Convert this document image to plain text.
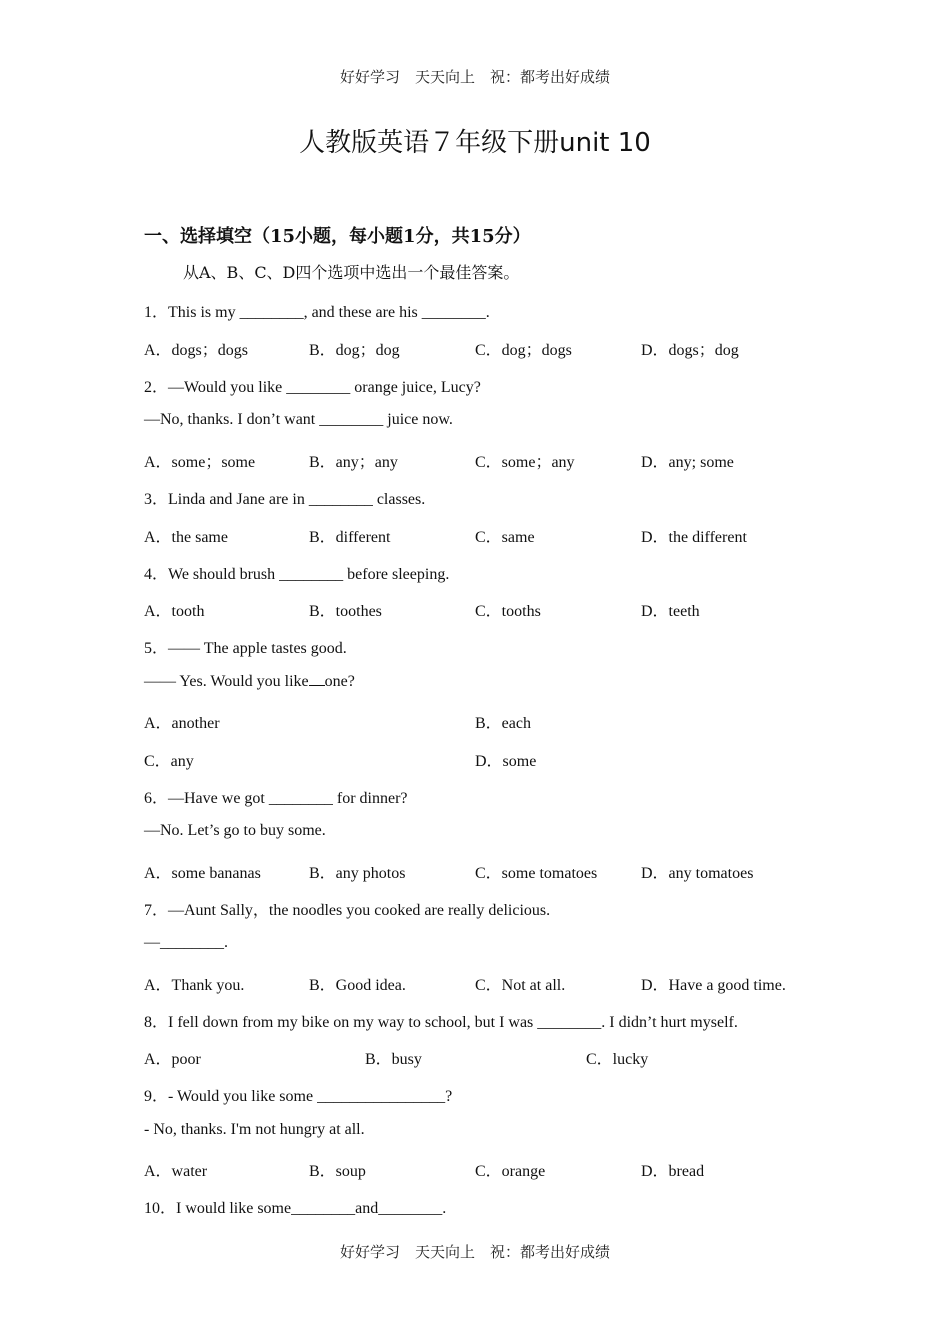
好好学习　天天向上　祝：都考出好成绩
人教版英语７年级下册unit 10
一、选择填空（15小题，每小题1分，共15分）
从A、B、C、D四个选项中选出一个最佳答案。
1．This is my ________, and these are his ________.
A．dogs；dogs	B．dog；dog	C．dog；dogs	D．dogs；dog
2．—Would you like ________ orange juice, Lucy?
—No, thanks. I don’t want ________ juice now.
A．some；some	B．any；any	C．some；any	D．any; some
3．Linda and Jane are in ________ classes.
A．the same	B．different	C．same	D．the different
4．We should brush ________ before sleeping.
A．tooth	B．toothes	C．tooths	D．teeth
5．—— The apple tastes good.
—— Yes. Would you like one?
A．another	B．each
C．any	D．some
6．—Have we got ________ for dinner?
—No. Let’s go to buy some.
A．some bananas	B．any photos	C．some tomatoes	D．any tomatoes
7．—Aunt Sally，the noodles you cooked are really delicious.
—________.
A．Thank you.	B．Good idea.	C．Not at all.	D．Have a good time.
8．I fell down from my bike on my way to school, but I was ________. I didn’t hurt myself.
A．poor	B．busy	C．lucky
9．- Would you like some ________________?
- No, thanks. I'm not hungry at all.
A．water	B．soup	C．orange	D．bread
10．I would like some________and________.
好好学习　天天向上　祝：都考出好成绩
